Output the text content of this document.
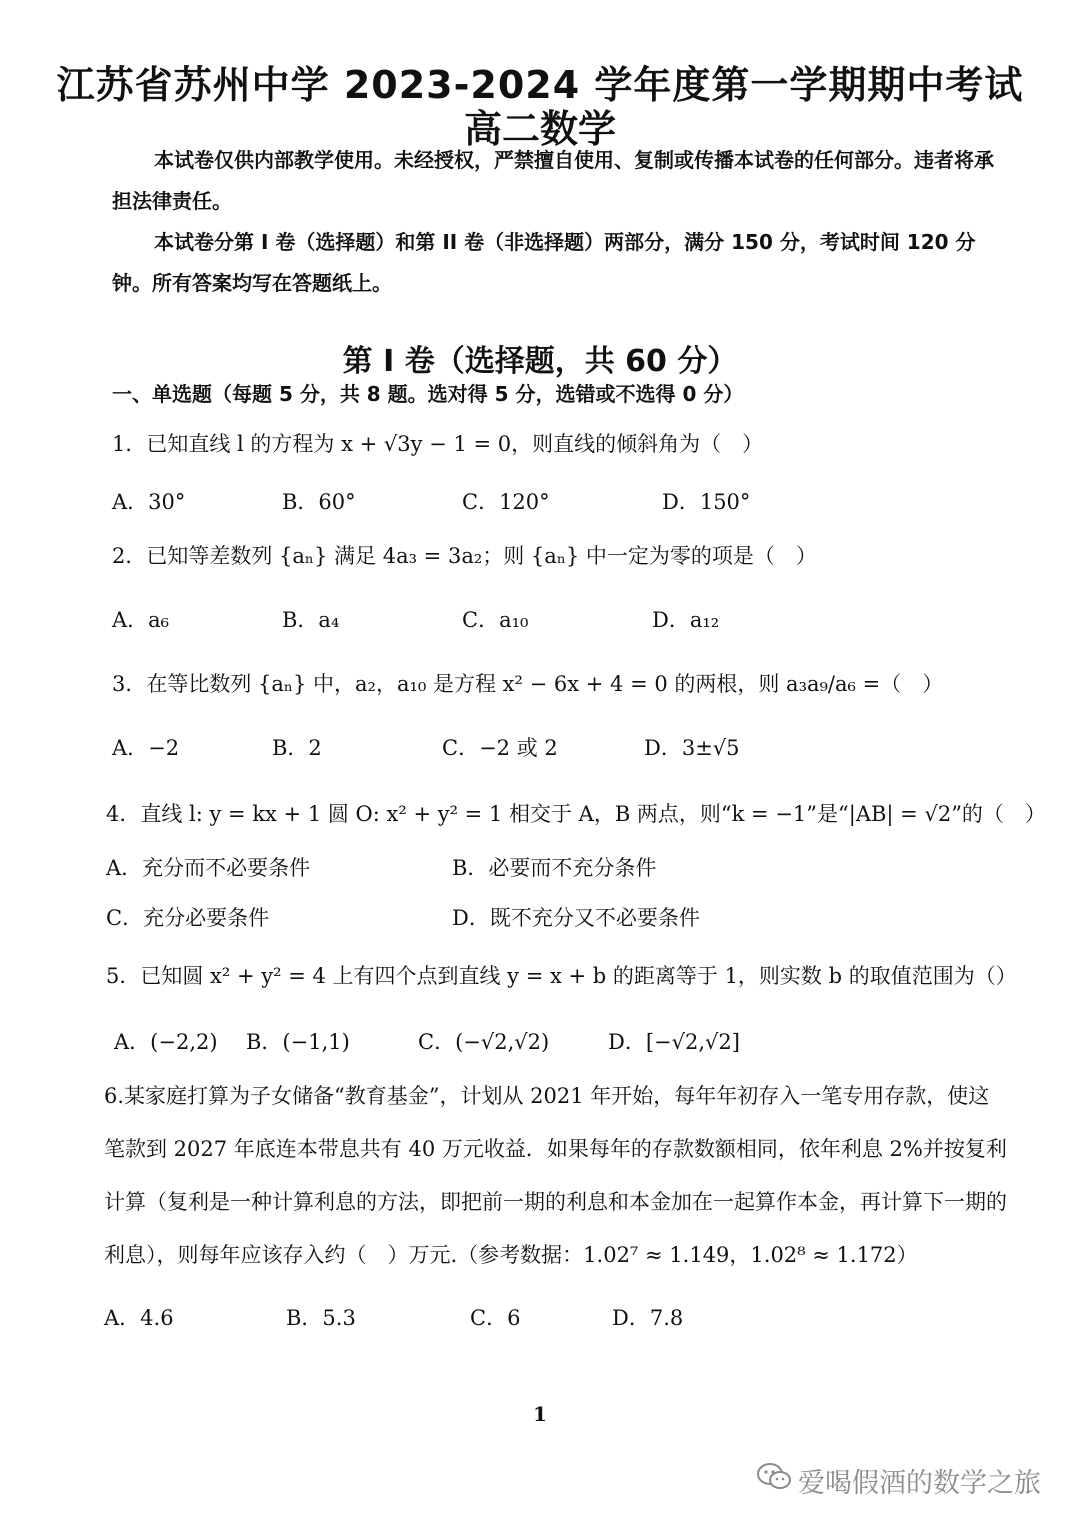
江苏省苏州中学 2023-2024 学年度第一学期期中考试
高二数学
本试卷仅供内部教学使用。未经授权，严禁擅自使用、复制或传播本试卷的任何部分。违者将承担法律责任。
本试卷分第 I 卷（选择题）和第 II 卷（非选择题）两部分，满分 150 分，考试时间 120 分钟。所有答案均写在答题纸上。
第 I 卷（选择题，共 60 分）
一、单选题（每题 5 分，共 8 题。选对得 5 分，选错或不选得 0 分）
1．已知直线 l 的方程为 x + √3y − 1 = 0，则直线的倾斜角为（　）
A．30°	B．60°	C．120°	D．150°
2．已知等差数列 {aₙ} 满足 4a₃ = 3a₂；则 {aₙ} 中一定为零的项是（　）
A．a₆	B．a₄	C．a₁₀	D．a₁₂
3．在等比数列 {aₙ} 中，a₂，a₁₀ 是方程 x² − 6x + 4 = 0 的两根，则 a₃a₉/a₆ =（　）
A．−2	B．2	C．−2 或 2	D．3±√5
4．直线 l: y = kx + 1 圆 O: x² + y² = 1 相交于 A，B 两点，则“k = −1”是“|AB| = √2”的（　）
A．充分而不必要条件	B．必要而不充分条件
C．充分必要条件	D．既不充分又不必要条件
5．已知圆 x² + y² = 4 上有四个点到直线 y = x + b 的距离等于 1，则实数 b 的取值范围为（）
A．(−2,2) B．(−1,1)	C．(−√2,√2)	D．[−√2,√2]
6.某家庭打算为子女储备“教育基金”，计划从 2021 年开始，每年年初存入一笔专用存款，使这笔款到 2027 年底连本带息共有 40 万元收益．如果每年的存款数额相同，依年利息 2%并按复利计算（复利是一种计算利息的方法，即把前一期的利息和本金加在一起算作本金，再计算下一期的利息），则每年应该存入约（　）万元.（参考数据：1.02⁷ ≈ 1.149，1.02⁸ ≈ 1.172）
A．4.6	B．5.3	C．6	D．7.8
1
爱喝假酒的数学之旅
